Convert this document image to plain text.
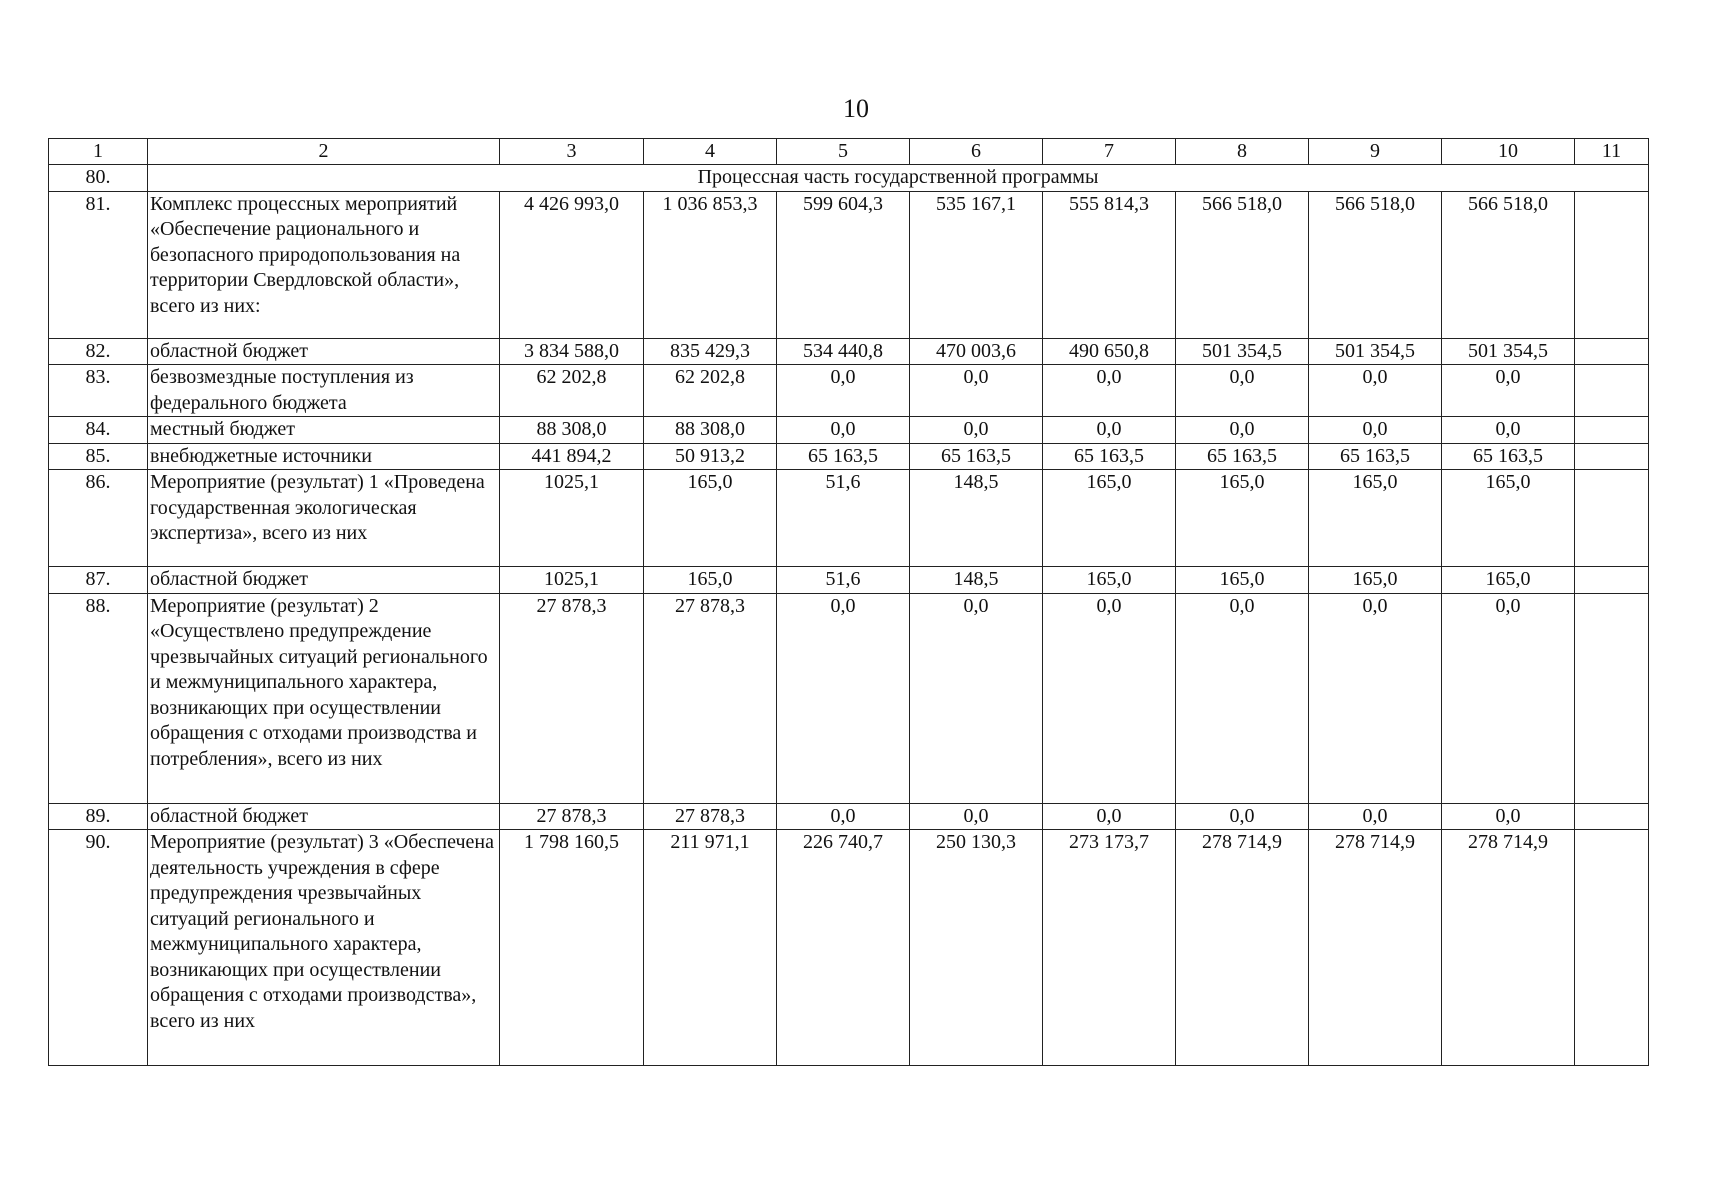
10
1	2	3	4	5	6	7	8	9	10	11
80.	Процессная часть государственной программы									
81.	Комплекс процессных мероприятий «Обеспечение рационального и безопасного природопользования на территории Свердловской области», всего из них:	4 426 993,0	1 036 853,3	599 604,3	535 167,1	555 814,3	566 518,0	566 518,0	566 518,0	
82.	областной бюджет	3 834 588,0	835 429,3	534 440,8	470 003,6	490 650,8	501 354,5	501 354,5	501 354,5	
83.	безвозмездные поступления из федерального бюджета	62 202,8	62 202,8	0,0	0,0	0,0	0,0	0,0	0,0	
84.	местный бюджет	88 308,0	88 308,0	0,0	0,0	0,0	0,0	0,0	0,0	
85.	внебюджетные источники	441 894,2	50 913,2	65 163,5	65 163,5	65 163,5	65 163,5	65 163,5	65 163,5	
86.	Мероприятие (результат) 1 «Проведена государственная экологическая экспертиза», всего из них	1025,1	165,0	51,6	148,5	165,0	165,0	165,0	165,0	
87.	областной бюджет	1025,1	165,0	51,6	148,5	165,0	165,0	165,0	165,0	
88.	Мероприятие (результат) 2 «Осуществлено предупреждение чрезвычайных ситуаций регионального и межмуниципального характера, возникающих при осуществлении обращения с отходами производства и потребления», всего из них	27 878,3	27 878,3	0,0	0,0	0,0	0,0	0,0	0,0	
89.	областной бюджет	27 878,3	27 878,3	0,0	0,0	0,0	0,0	0,0	0,0	
90.	Мероприятие (результат) 3 «Обеспечена деятельность учреждения в сфере предупреждения чрезвычайных ситуаций регионального и межмуниципального характера, возникающих при осуществлении обращения с отходами производства», всего из них	1 798 160,5	211 971,1	226 740,7	250 130,3	273 173,7	278 714,9	278 714,9	278 714,9	
